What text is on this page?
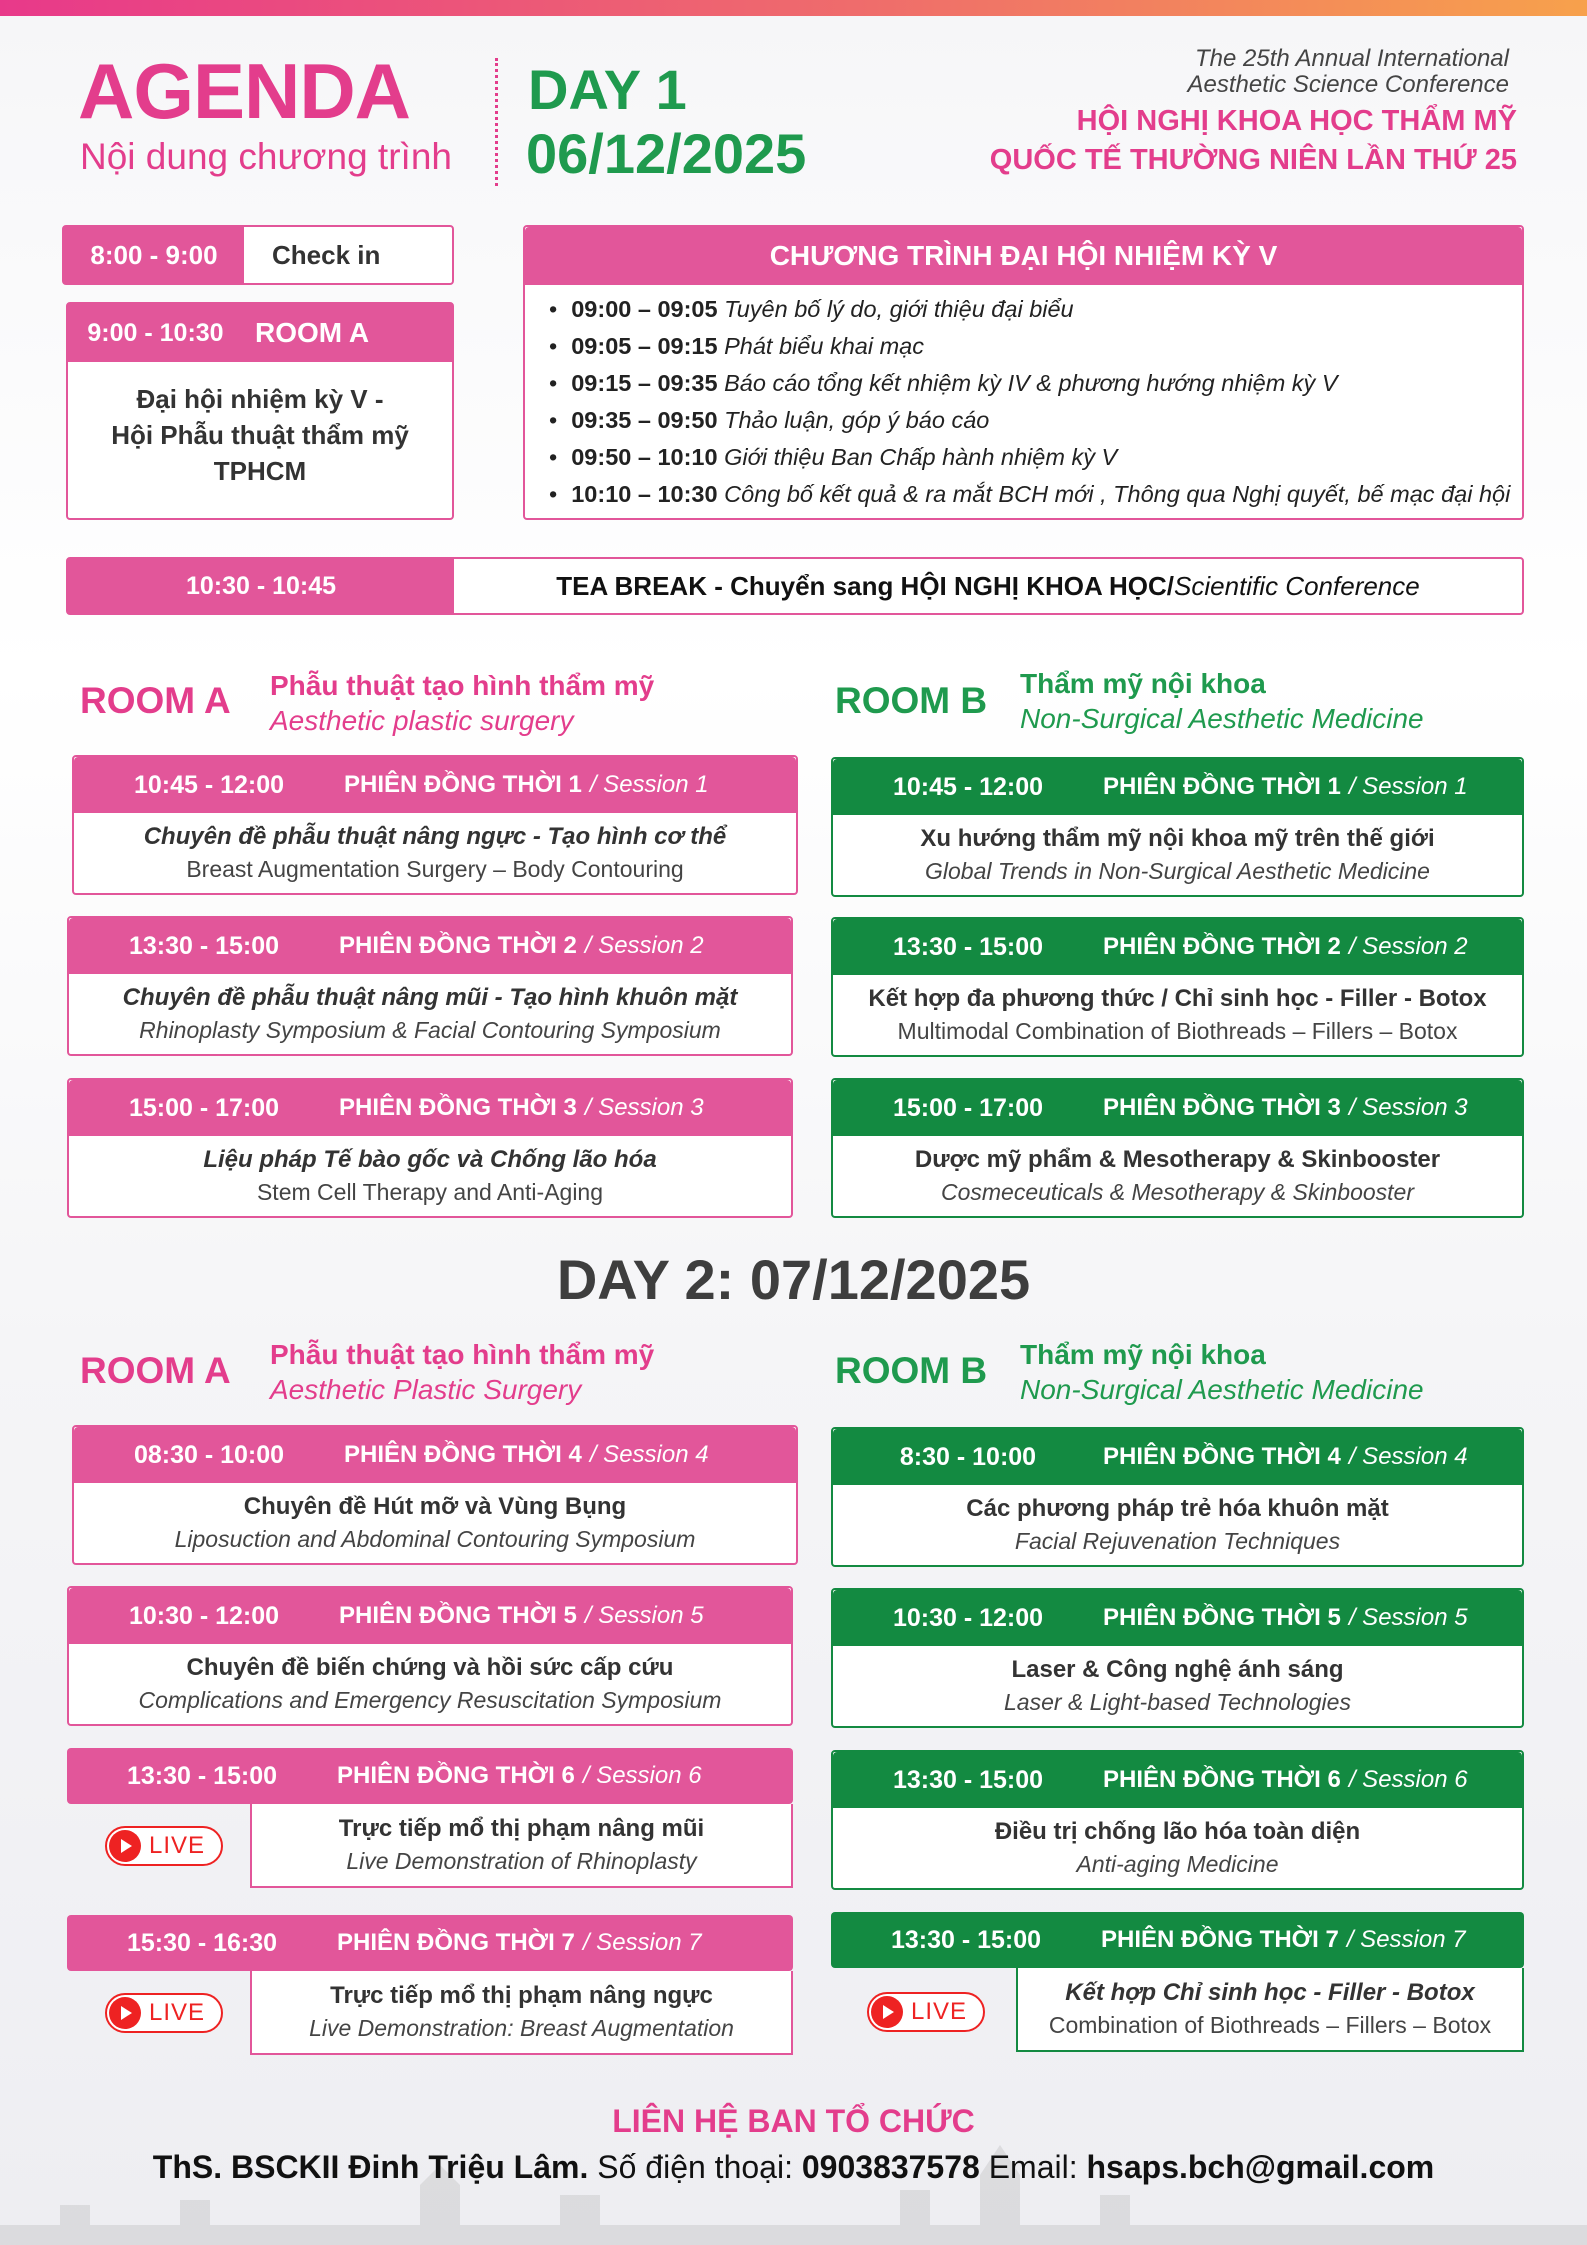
AGENDA
Nội dung chương trình
DAY 1
06/12/2025
The 25th Annual International
Aesthetic Science Conference
HỘI NGHỊ KHOA HỌC THẨM MỸ
QUỐC TẾ THƯỜNG NIÊN LẦN THỨ 25
8:00 - 9:00	Check in
9:00 - 10:30	ROOM A
Đại hội nhiệm kỳ V -
Hội Phẫu thuật thẩm mỹ
TPHCM
CHƯƠNG TRÌNH ĐẠI HỘI NHIỆM KỲ V
• 09:00 – 09:05 Tuyên bố lý do, giới thiệu đại biểu
• 09:05 – 09:15 Phát biểu khai mạc
• 09:15 – 09:35 Báo cáo tổng kết nhiệm kỳ IV & phương hướng nhiệm kỳ V
• 09:35 – 09:50 Thảo luận, góp ý báo cáo
• 09:50 – 10:10 Giới thiệu Ban Chấp hành nhiệm kỳ V
• 10:10 – 10:30 Công bố kết quả & ra mắt BCH mới , Thông qua Nghị quyết, bế mạc đại hội
10:30 - 10:45	TEA BREAK - Chuyển sang HỘI NGHỊ KHOA HỌC/ Scientific Conference
ROOM A Phẫu thuật tạo hình thẩm mỹ
Aesthetic plastic surgery	ROOM B Thẩm mỹ nội khoa
Non-Surgical Aesthetic Medicine
10:45 - 12:00	PHIÊN ĐỒNG THỜI 1 / Session 1
Chuyên đề phẫu thuật nâng ngực - Tạo hình cơ thể
Breast Augmentation Surgery – Body Contouring
13:30 - 15:00	PHIÊN ĐỒNG THỜI 2 / Session 2
Chuyên đề phẫu thuật nâng mũi - Tạo hình khuôn mặt
Rhinoplasty Symposium & Facial Contouring Symposium
15:00 - 17:00	PHIÊN ĐỒNG THỜI 3 / Session 3
Liệu pháp Tế bào gốc và Chống lão hóa
Stem Cell Therapy and Anti-Aging
10:45 - 12:00	PHIÊN ĐỒNG THỜI 1 / Session 1
Xu hướng thẩm mỹ nội khoa mỹ trên thế giới
Global Trends in Non-Surgical Aesthetic Medicine
13:30 - 15:00	PHIÊN ĐỒNG THỜI 2 / Session 2
Kết hợp đa phương thức / Chỉ sinh học - Filler - Botox
Multimodal Combination of Biothreads – Fillers – Botox
15:00 - 17:00	PHIÊN ĐỒNG THỜI 3 / Session 3
Dược mỹ phẩm & Mesotherapy & Skinbooster
Cosmeceuticals & Mesotherapy & Skinbooster
DAY 2: 07/12/2025
ROOM A Phẫu thuật tạo hình thẩm mỹ
Aesthetic Plastic Surgery	ROOM B Thẩm mỹ nội khoa
Non-Surgical Aesthetic Medicine
08:30 - 10:00	PHIÊN ĐỒNG THỜI 4 / Session 4
Chuyên đề Hút mỡ và Vùng Bụng
Liposuction and Abdominal Contouring Symposium
10:30 - 12:00	PHIÊN ĐỒNG THỜI 5 / Session 5
Chuyên đề biến chứng và hồi sức cấp cứu
Complications and Emergency Resuscitation Symposium
13:30 - 15:00	PHIÊN ĐỒNG THỜI 6 / Session 6
Trực tiếp mổ thị phạm nâng mũi
Live Demonstration of Rhinoplasty
LIVE
15:30 - 16:30	PHIÊN ĐỒNG THỜI 7 / Session 7
Trực tiếp mổ thị phạm nâng ngực
Live Demonstration: Breast Augmentation
LIVE
8:30 - 10:00	PHIÊN ĐỒNG THỜI 4 / Session 4
Các phương pháp trẻ hóa khuôn mặt
Facial Rejuvenation Techniques
10:30 - 12:00	PHIÊN ĐỒNG THỜI 5 / Session 5
Laser & Công nghệ ánh sáng
Laser & Light-based Technologies
13:30 - 15:00	PHIÊN ĐỒNG THỜI 6 / Session 6
Điều trị chống lão hóa toàn diện
Anti-aging Medicine
13:30 - 15:00	PHIÊN ĐỒNG THỜI 7 / Session 7
Kết hợp Chỉ sinh học - Filler - Botox
Combination of Biothreads – Fillers – Botox
LIVE
LIÊN HỆ BAN TỔ CHỨC
ThS. BSCKII Đinh Triệu Lâm. Số điện thoại: 0903837578 Email: hsaps.bch@gmail.com
